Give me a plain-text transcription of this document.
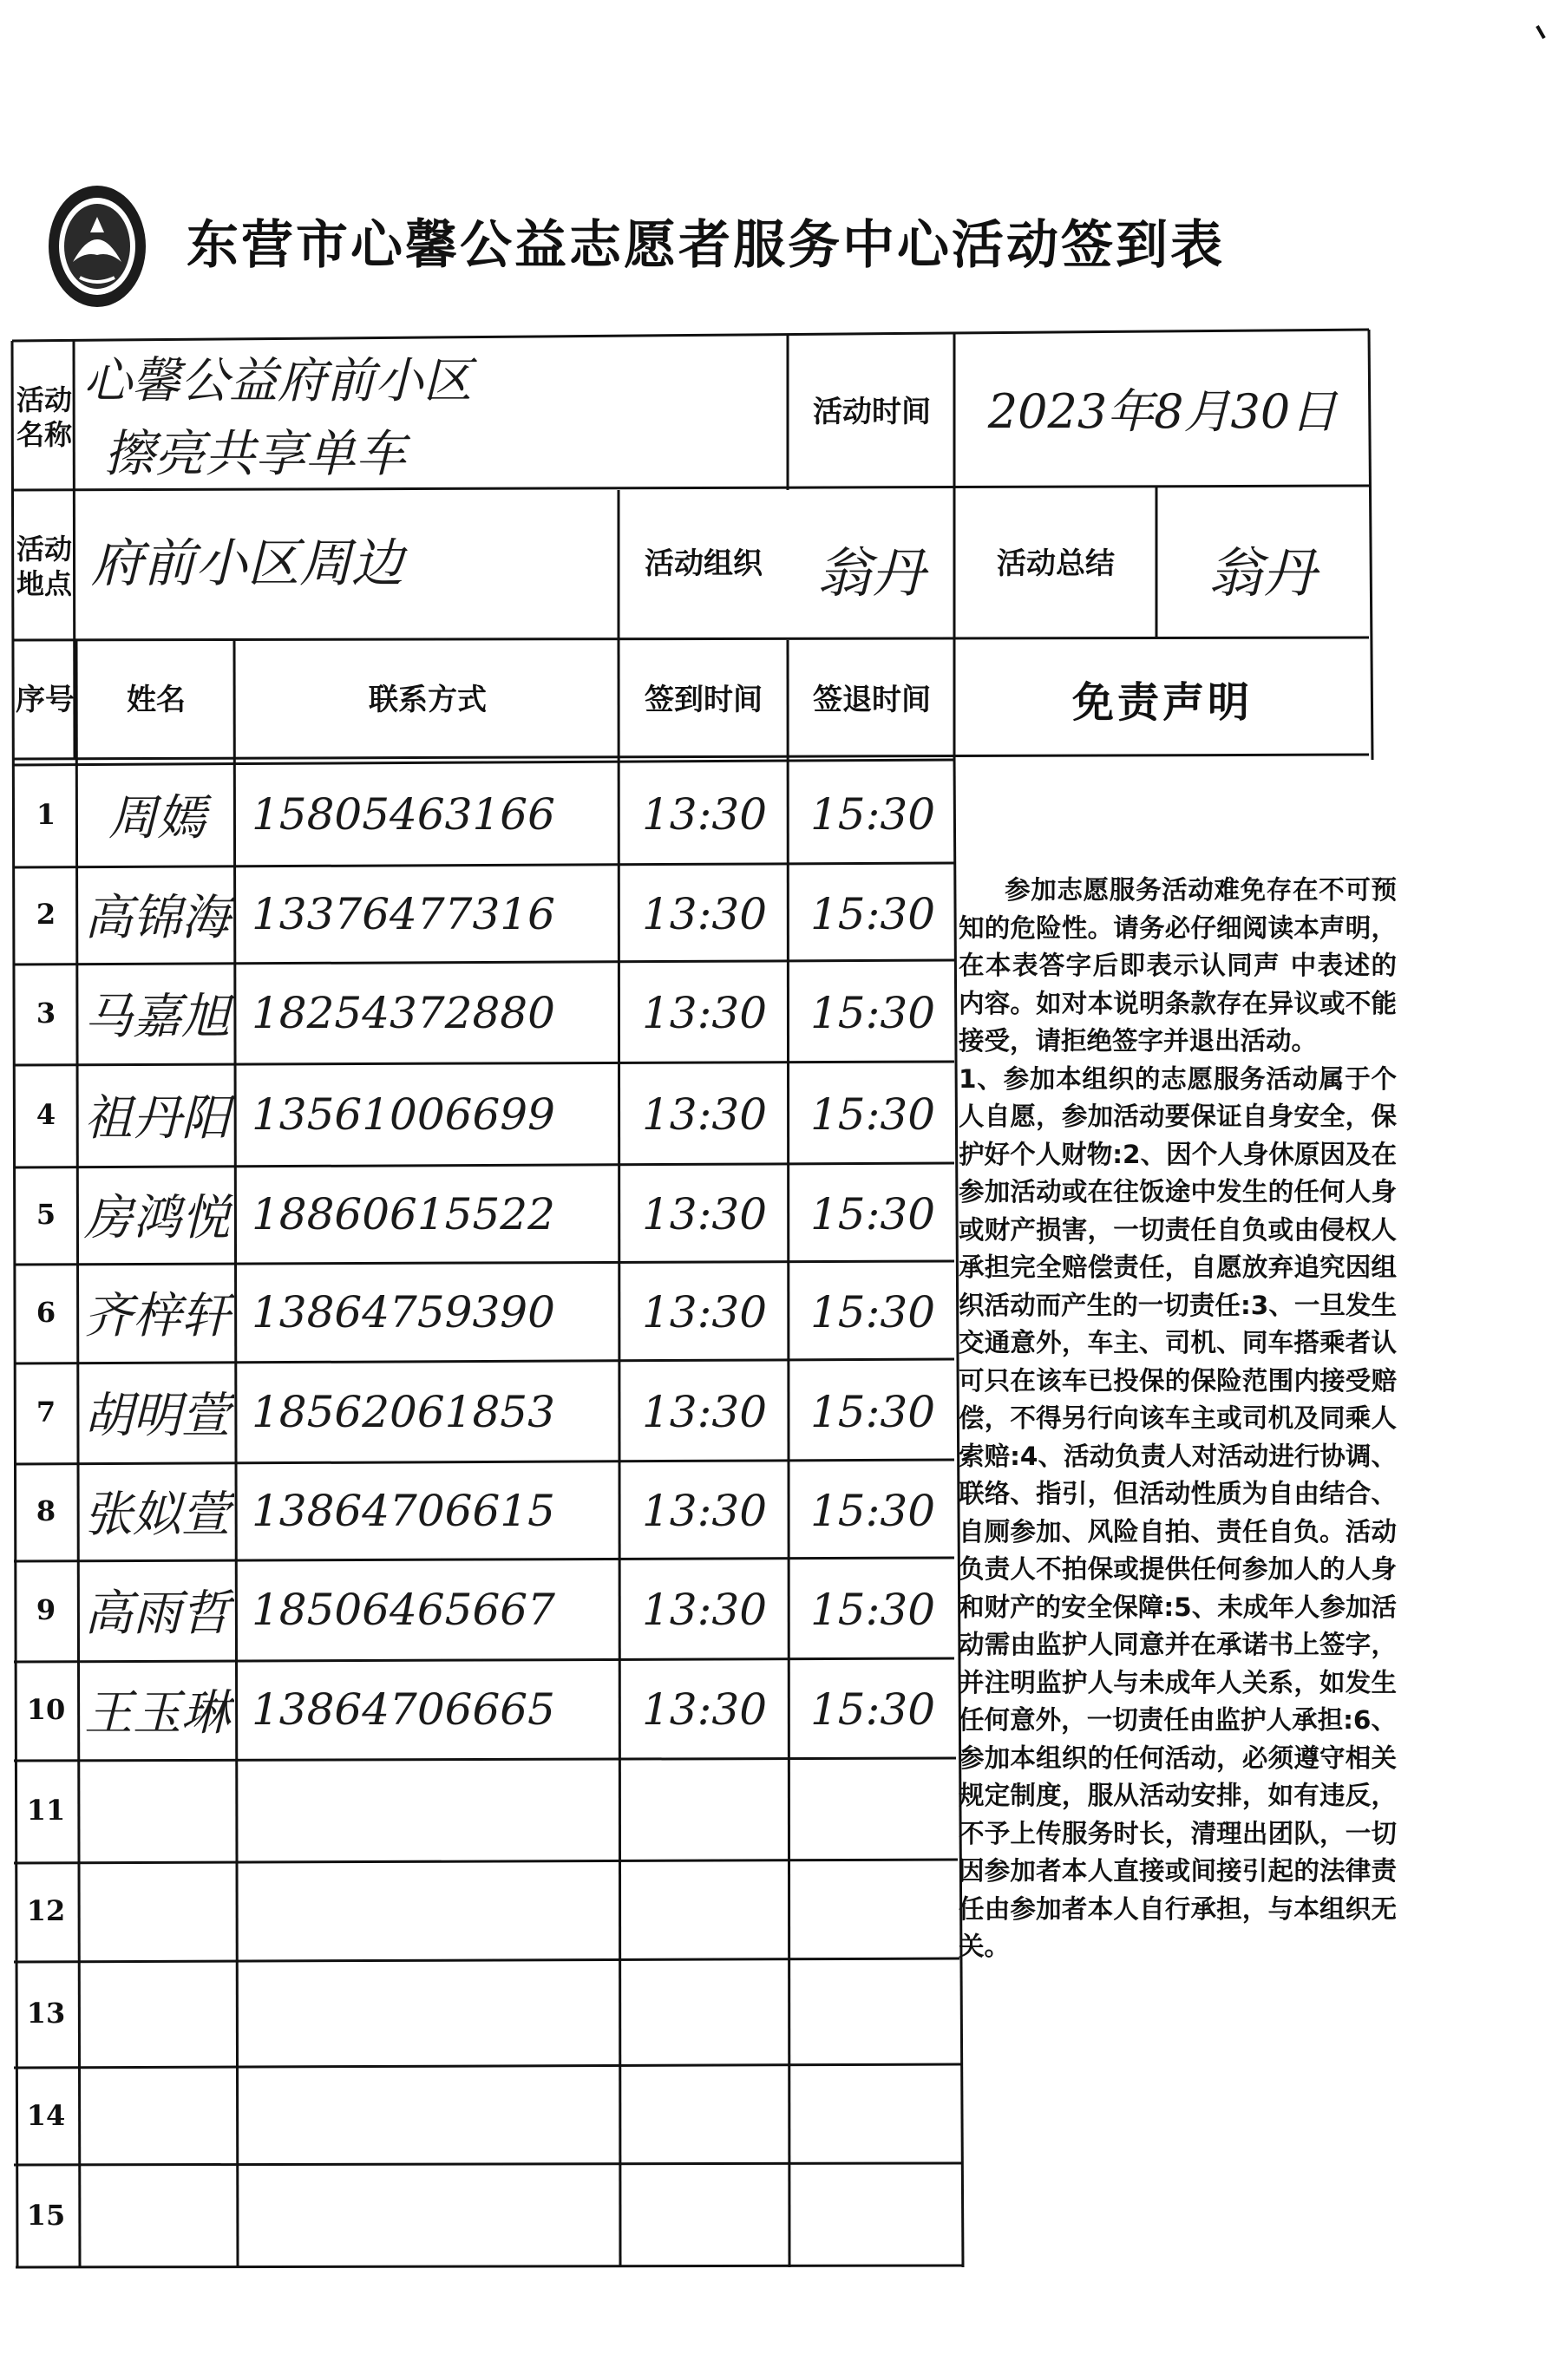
东营市心馨公益志愿者服务中心活动签到表
活动名称
心馨公益府前小区
擦亮共享单车
活动时间	2023年8月30日
活动地点 府前小区周边	活动组织	翁丹	活动总结	翁丹
序号	姓名	联系方式	签到时间	签退时间	免责声明
1	周嫣	15805463166	13:30 15:30
2 高锦海 13376477316	13:30 15:30
3 马嘉旭 18254372880	13:30 15:30
4 祖丹阳 13561006699	13:30 15:30
5 房鸿悦 18860615522	13:30 15:30
6 齐梓轩 13864759390	13:30 15:30
7 胡明萱 18562061853	13:30 15:30
8 张姒萱 13864706615	13:30 15:30
9 高雨哲 18506465667	13:30 15:30
10 王玉琳 13864706665	13:30 15:30
11
12
13
14
15
参加志愿服务活动难免存在不可预知的危险性。请务必仔细阅读本声明，在本表答字后即表示认同声 中表述的内容。如对本说明条款存在异议或不能接受，请拒绝签字并退出活动。
1、参加本组织的志愿服务活动属于个人自愿，参加活动要保证自身安全，保护好个人财物:2、因个人身休原因及在参加活动或在往饭途中发生的任何人身或财产损害，一切责任自负或由侵权人承担完全赔偿责任，自愿放弃追究因组织活动而产生的一切责任:3、一旦发生交通意外，车主、司机、同车搭乘者认可只在该车已投保的保险范围内接受赔偿，不得另行向该车主或司机及同乘人索赔:4、活动负责人对活动进行协调、联络、指引，但活动性质为自由结合、自厕参加、风险自拍、责任自负。活动负责人不拍保或提供任何参加人的人身和财产的安全保障:5、未成年人参加活动需由监护人同意并在承诺书上签字，并注明监护人与未成年人关系，如发生任何意外，一切责任由监护人承担:6、参加本组织的任何活动，必须遵守相关规定制度，服从活动安排，如有违反，不予上传服务时长，清理出团队，一切因参加者本人直接或间接引起的法律责任由参加者本人自行承担，与本组织无关。
